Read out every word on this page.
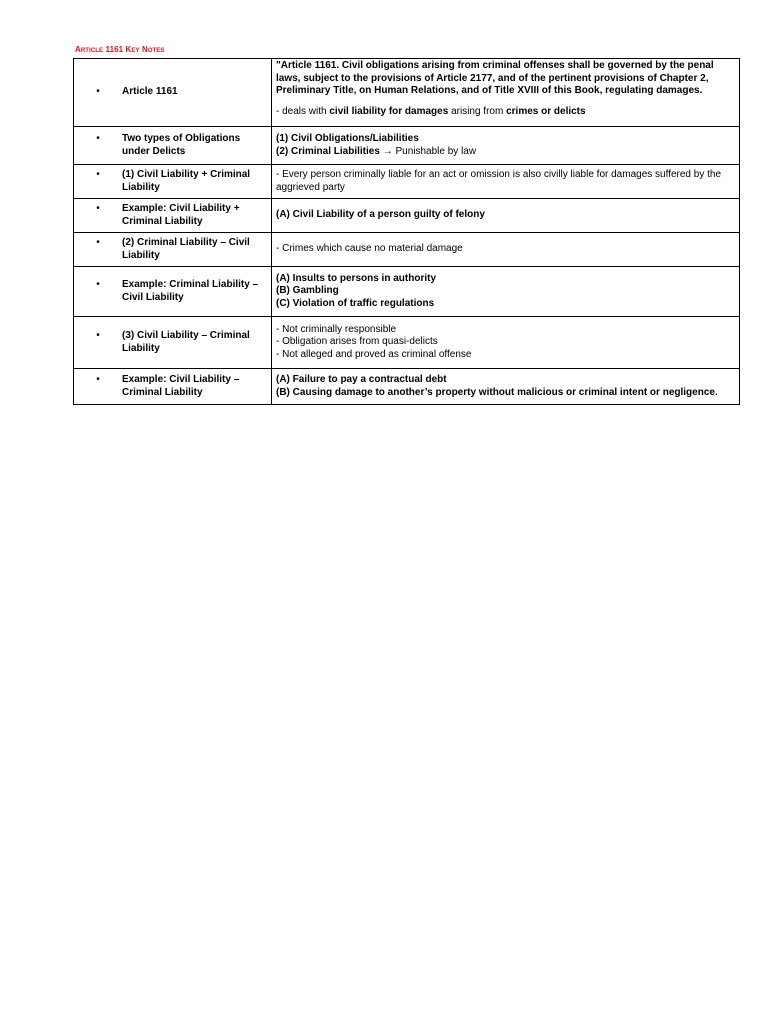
Article 1161 Key Notes
• Article 1161	"Article 1161. Civil obligations arising from criminal offenses shall be governed by the penal laws, subject to the provisions of Article 2177, and of the pertinent provisions of Chapter 2, Preliminary Title, on Human Relations, and of Title XVIII of this Book, regulating damages.
- deals with civil liability for damages arising from crimes or delicts

• Two types of Obligations under Delicts	(1) Civil Obligations/Liabilities
(2) Criminal Liabilities → Punishable by law

• (1) Civil Liability + Criminal Liability	- Every person criminally liable for an act or omission is also civilly liable for damages suffered by the aggrieved party

• Example: Civil Liability + Criminal Liability	(A) Civil Liability of a person guilty of felony

• (2) Criminal Liability – Civil Liability	- Crimes which cause no material damage

• Example: Criminal Liability – Civil Liability	(A) Insults to persons in authority
(B) Gambling
(C) Violation of traffic regulations

• (3) Civil Liability – Criminal Liability	- Not criminally responsible
- Obligation arises from quasi-delicts
- Not alleged and proved as criminal offense

• Example: Civil Liability – Criminal Liability	(A) Failure to pay a contractual debt
(B) Causing damage to another’s property without malicious or criminal intent or negligence.
